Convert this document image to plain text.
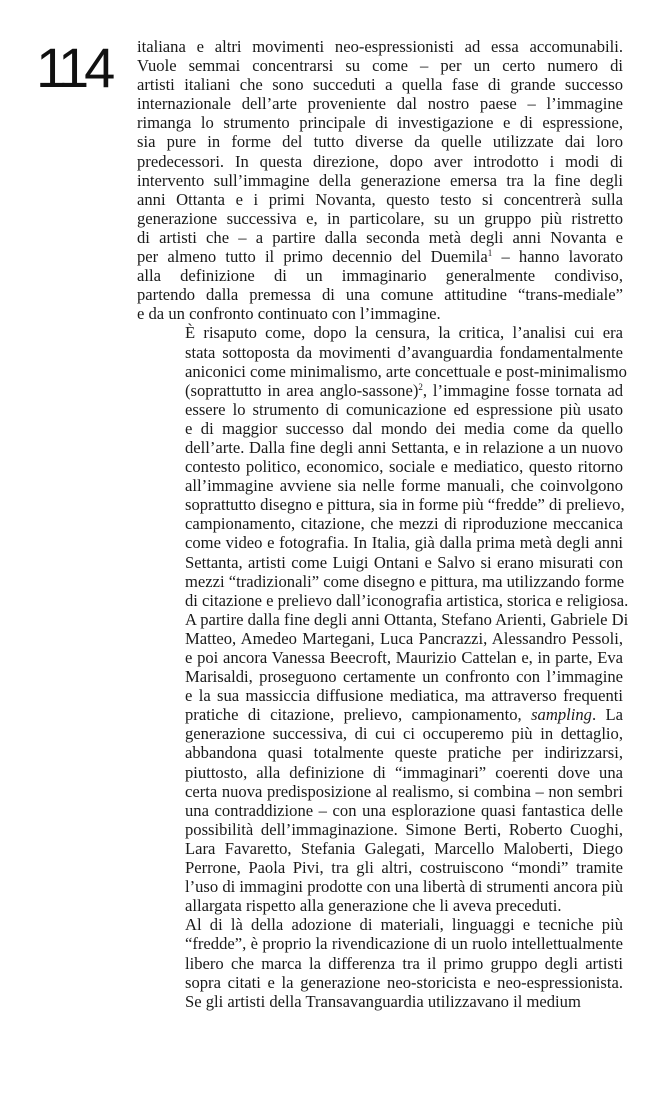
114 italiana e altri movimenti neo-espressionisti ad essa accomunabili.
Vuole semmai concentrarsi su come – per un certo numero di
artisti italiani che sono succeduti a quella fase di grande successo
internazionale dell’arte proveniente dal nostro paese – l’immagine
rimanga lo strumento principale di investigazione e di espressione,
sia pure in forme del tutto diverse da quelle utilizzate dai loro
predecessori. In questa direzione, dopo aver introdotto i modi di
intervento sull’immagine della generazione emersa tra la fine degli
anni Ottanta e i primi Novanta, questo testo si concentrerà sulla
generazione successiva e, in particolare, su un gruppo più ristretto
di artisti che – a partire dalla seconda metà degli anni Novanta e
per almeno tutto il primo decennio del Duemila$^1$ – hanno lavorato
alla definizione di un immaginario generalmente condiviso,
partendo dalla premessa di una comune attitudine “trans-mediale”
e da un confronto continuato con l’immagine.

È risaputo come, dopo la censura, la critica, l’analisi cui era
stata sottoposta da movimenti d’avanguardia fondamentalmente
aniconici come minimalismo, arte concettuale e post-minimalismo
(soprattutto in area anglo-sassone)$^2$, l’immagine fosse tornata ad
essere lo strumento di comunicazione ed espressione più usato
e di maggior successo dal mondo dei media come da quello
dell’arte. Dalla fine degli anni Settanta, e in relazione a un nuovo
contesto politico, economico, sociale e mediatico, questo ritorno
all’immagine avviene sia nelle forme manuali, che coinvolgono
soprattutto disegno e pittura, sia in forme più “fredde” di prelievo,
campionamento, citazione, che mezzi di riproduzione meccanica
come video e fotografia. In Italia, già dalla prima metà degli anni
Settanta, artisti come Luigi Ontani e Salvo si erano misurati con
mezzi “tradizionali” come disegno e pittura, ma utilizzando forme
di citazione e prelievo dall’iconografia artistica, storica e religiosa.
A partire dalla fine degli anni Ottanta, Stefano Arienti, Gabriele Di
Matteo, Amedeo Martegani, Luca Pancrazzi, Alessandro Pessoli,
e poi ancora Vanessa Beecroft, Maurizio Cattelan e, in parte, Eva
Marisaldi, proseguono certamente un confronto con l’immagine
e la sua massiccia diffusione mediatica, ma attraverso frequenti
pratiche di citazione, prelievo, campionamento, sampling. La
generazione successiva, di cui ci occuperemo più in dettaglio,
abbandona quasi totalmente queste pratiche per indirizzarsi,
piuttosto, alla definizione di “immaginari” coerenti dove una
certa nuova predisposizione al realismo, si combina – non sembri
una contraddizione – con una esplorazione quasi fantastica delle
possibilità dell’immaginazione. Simone Berti, Roberto Cuoghi,
Lara Favaretto, Stefania Galegati, Marcello Maloberti, Diego
Perrone, Paola Pivi, tra gli altri, costruiscono “mondi” tramite
l’uso di immagini prodotte con una libertà di strumenti ancora più
allargata rispetto alla generazione che li aveva preceduti.

Al di là della adozione di materiali, linguaggi e tecniche più
“fredde”, è proprio la rivendicazione di un ruolo intellettualmente
libero che marca la differenza tra il primo gruppo degli artisti
sopra citati e la generazione neo-storicista e neo-espressionista.
Se gli artisti della Transavanguardia utilizzavano il medium
